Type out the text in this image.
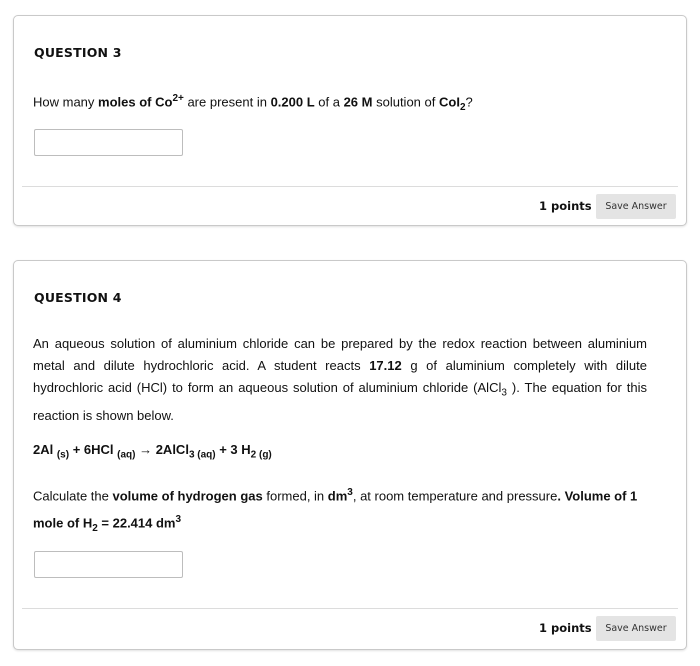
QUESTION 3
How many moles of $Co^{2+}$ are present in 0.200 L of a 26 M solution of CoI$_2$?
1 points	Save Answer
QUESTION 4
An aqueous solution of aluminium chloride can be prepared by the redox reaction between aluminium metal and dilute hydrochloric acid. A student reacts 17.12 g of aluminium completely with dilute hydrochloric acid (HCl) to form an aqueous solution of aluminium chloride (AlCl$_3$ ). The equation for this reaction is shown below.
2Al $_{(s)}$ + 6HCl $_{(aq)}$ → 2AlCl$_3$ $_{(aq)}$ + 3 $H_2$ $_{(g)}$
Calculate the volume of hydrogen gas formed, in $dm^3$, at room temperature and pressure. Volume of 1 mole of $H_2 = 22.414$ $dm^3$
1 points	Save Answer
